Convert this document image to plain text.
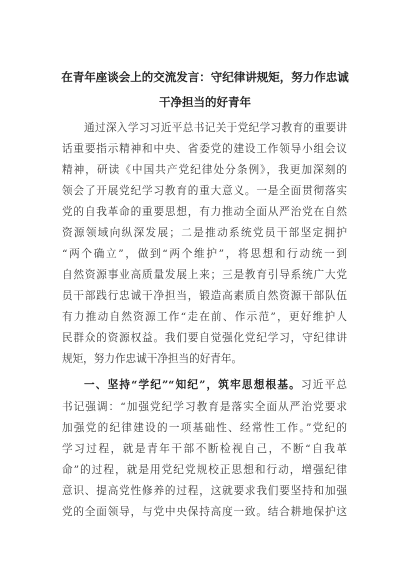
在青年座谈会上的交流发言：守纪律讲规矩，努力作忠诚
干净担当的好青年
通过深入学习习近平总书记关于党纪学习教育的重要讲
话重要指示精神和中央、省委党的建设工作领导小组会议
精神，研读《中国共产党纪律处分条例》，我更加深刻的
领会了开展党纪学习教育的重大意义。一是全面贯彻落实
党的自我革命的重要思想，有力推动全面从严治党在自然
资源领域向纵深发展；二是推动系统党员干部坚定拥护
“两个确立”，做到“两个维护”，将思想和行动统一到
自然资源事业高质量发展上来；三是教育引导系统广大党
员干部践行忠诚干净担当，锻造高素质自然资源干部队伍
有力推动自然资源工作“走在前、作示范”，更好维护人
民群众的资源权益。我们要自觉强化党纪学习，守纪律讲
规矩，努力作忠诚干净担当的好青年。
一、坚持“学纪”“知纪”，筑牢思想根基。习近平总
书记强调：“加强党纪学习教育是落实全面从严治党要求
加强党的纪律建设的一项基础性、经常性工作。”党纪的
学习过程，就是青年干部不断检视自己，不断“自我革
命”的过程，就是用党纪党规校正思想和行动，增强纪律
意识、提高党性修养的过程，这就要求我们要坚持和加强
党的全面领导，与党中央保持高度一致。结合耕地保护这
